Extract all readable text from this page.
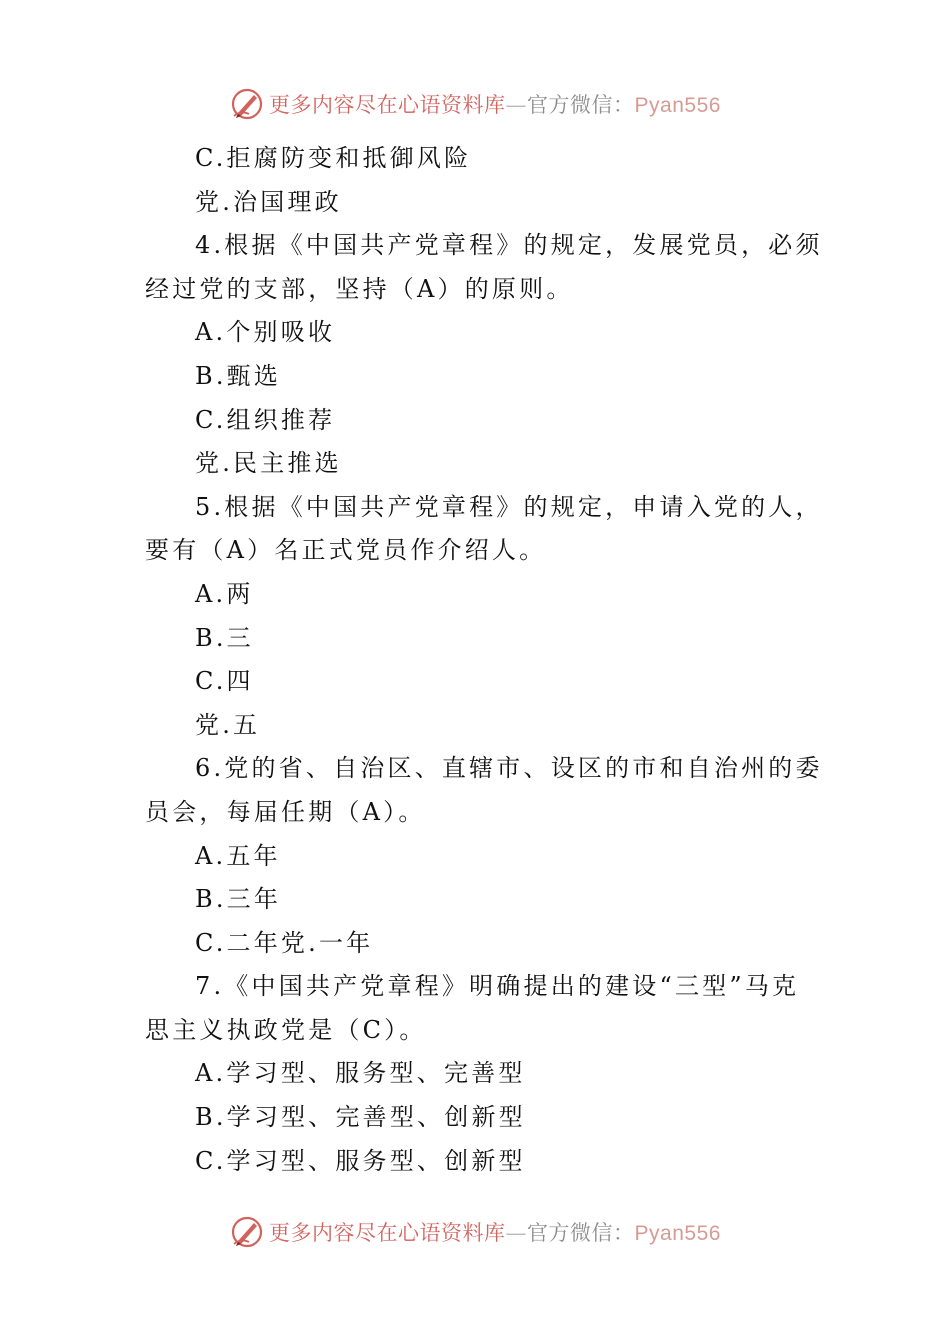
更多内容尽在心语资料库—官方微信：Pyan556
C.拒腐防变和抵御风险
党.治国理政
4.根据《中国共产党章程》的规定，发展党员，必须
经过党的支部，坚持（A）的原则。
A.个别吸收
B.甄选
C.组织推荐
党.民主推选
5.根据《中国共产党章程》的规定，申请入党的人，
要有（A）名正式党员作介绍人。
A.两
B.三
C.四
党.五
6.党的省、自治区、直辖市、设区的市和自治州的委
员会，每届任期（A）。
A.五年
B.三年
C.二年党.一年
7.《中国共产党章程》明确提出的建设“三型”马克
思主义执政党是（C）。
A.学习型、服务型、完善型
B.学习型、完善型、创新型
C.学习型、服务型、创新型
更多内容尽在心语资料库—官方微信：Pyan556
